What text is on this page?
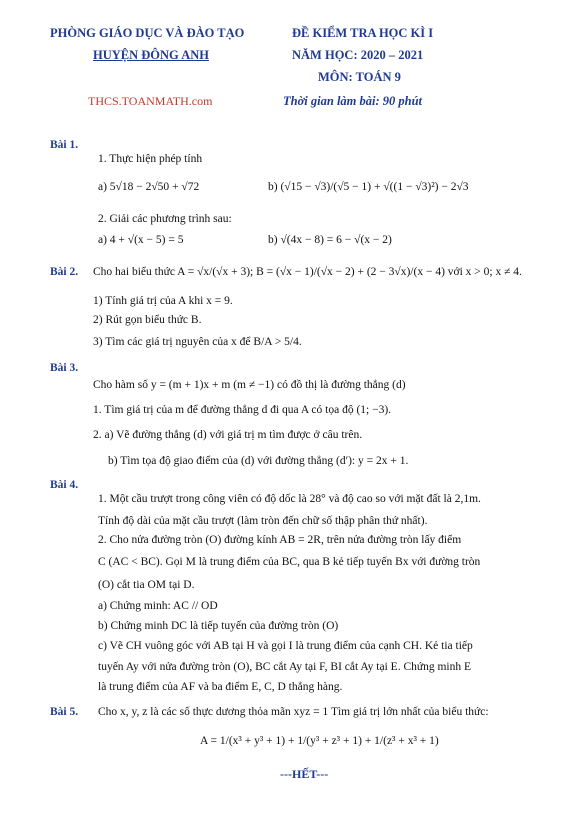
PHÒNG GIÁO DỤC VÀ ĐÀO TẠO
HUYỆN ĐÔNG ANH
THCS.TOANMATH.com
ĐỀ KIỂM TRA HỌC KÌ I
NĂM HỌC: 2020 – 2021
MÔN: TOÁN 9
Thời gian làm bài: 90 phút
Bài 1.
1. Thực hiện phép tính
a) 5√18 − 2√50 + √72	b) (√15 − √3)/(√5 − 1) + √((1 − √3)²) − 2√3
2. Giải các phương trình sau:
a) 4 + √(x − 5) = 5	b) √(4x − 8) = 6 − √(x − 2)
Bài 2. Cho hai biểu thức A = √x/(√x + 3); B = (√x − 1)/(√x − 2) + (2 − 3√x)/(x − 4) với x > 0; x ≠ 4.
1) Tính giá trị của A khi x = 9.
2) Rút gọn biểu thức B.
3) Tìm các giá trị nguyên của x để B/A > 5/4.
Bài 3.
Cho hàm số y = (m + 1)x + m (m ≠ −1) có đồ thị là đường thẳng (d)
1. Tìm giá trị của m để đường thẳng d đi qua A có tọa độ (1; −3).
2. a) Vẽ đường thẳng (d) với giá trị m tìm được ở câu trên.
b) Tìm tọa độ giao điểm của (d) với đường thẳng (d′): y = 2x + 1.
Bài 4.
1. Một cầu trượt trong công viên có độ dốc là 28° và độ cao so với mặt đất là 2,1m.
Tính độ dài của mặt cầu trượt (làm tròn đến chữ số thập phân thứ nhất).
2. Cho nửa đường tròn (O) đường kính AB = 2R, trên nửa đường tròn lấy điểm
C (AC < BC). Gọi M là trung điểm của BC, qua B kẻ tiếp tuyến Bx với đường tròn
(O) cắt tia OM tại D.
a) Chứng minh: AC // OD
b) Chứng minh DC là tiếp tuyến của đường tròn (O)
c) Vẽ CH vuông góc với AB tại H và gọi I là trung điểm của cạnh CH. Kẻ tia tiếp
tuyến Ay với nửa đường tròn (O), BC cắt Ay tại F, BI cắt Ay tại E. Chứng minh E
là trung điểm của AF và ba điểm E, C, D thẳng hàng.
Bài 5. Cho x, y, z là các số thực dương thỏa mãn xyz = 1 Tìm giá trị lớn nhất của biểu thức:
A = 1/(x³ + y³ + 1) + 1/(y³ + z³ + 1) + 1/(z³ + x³ + 1)
---HẾT---
